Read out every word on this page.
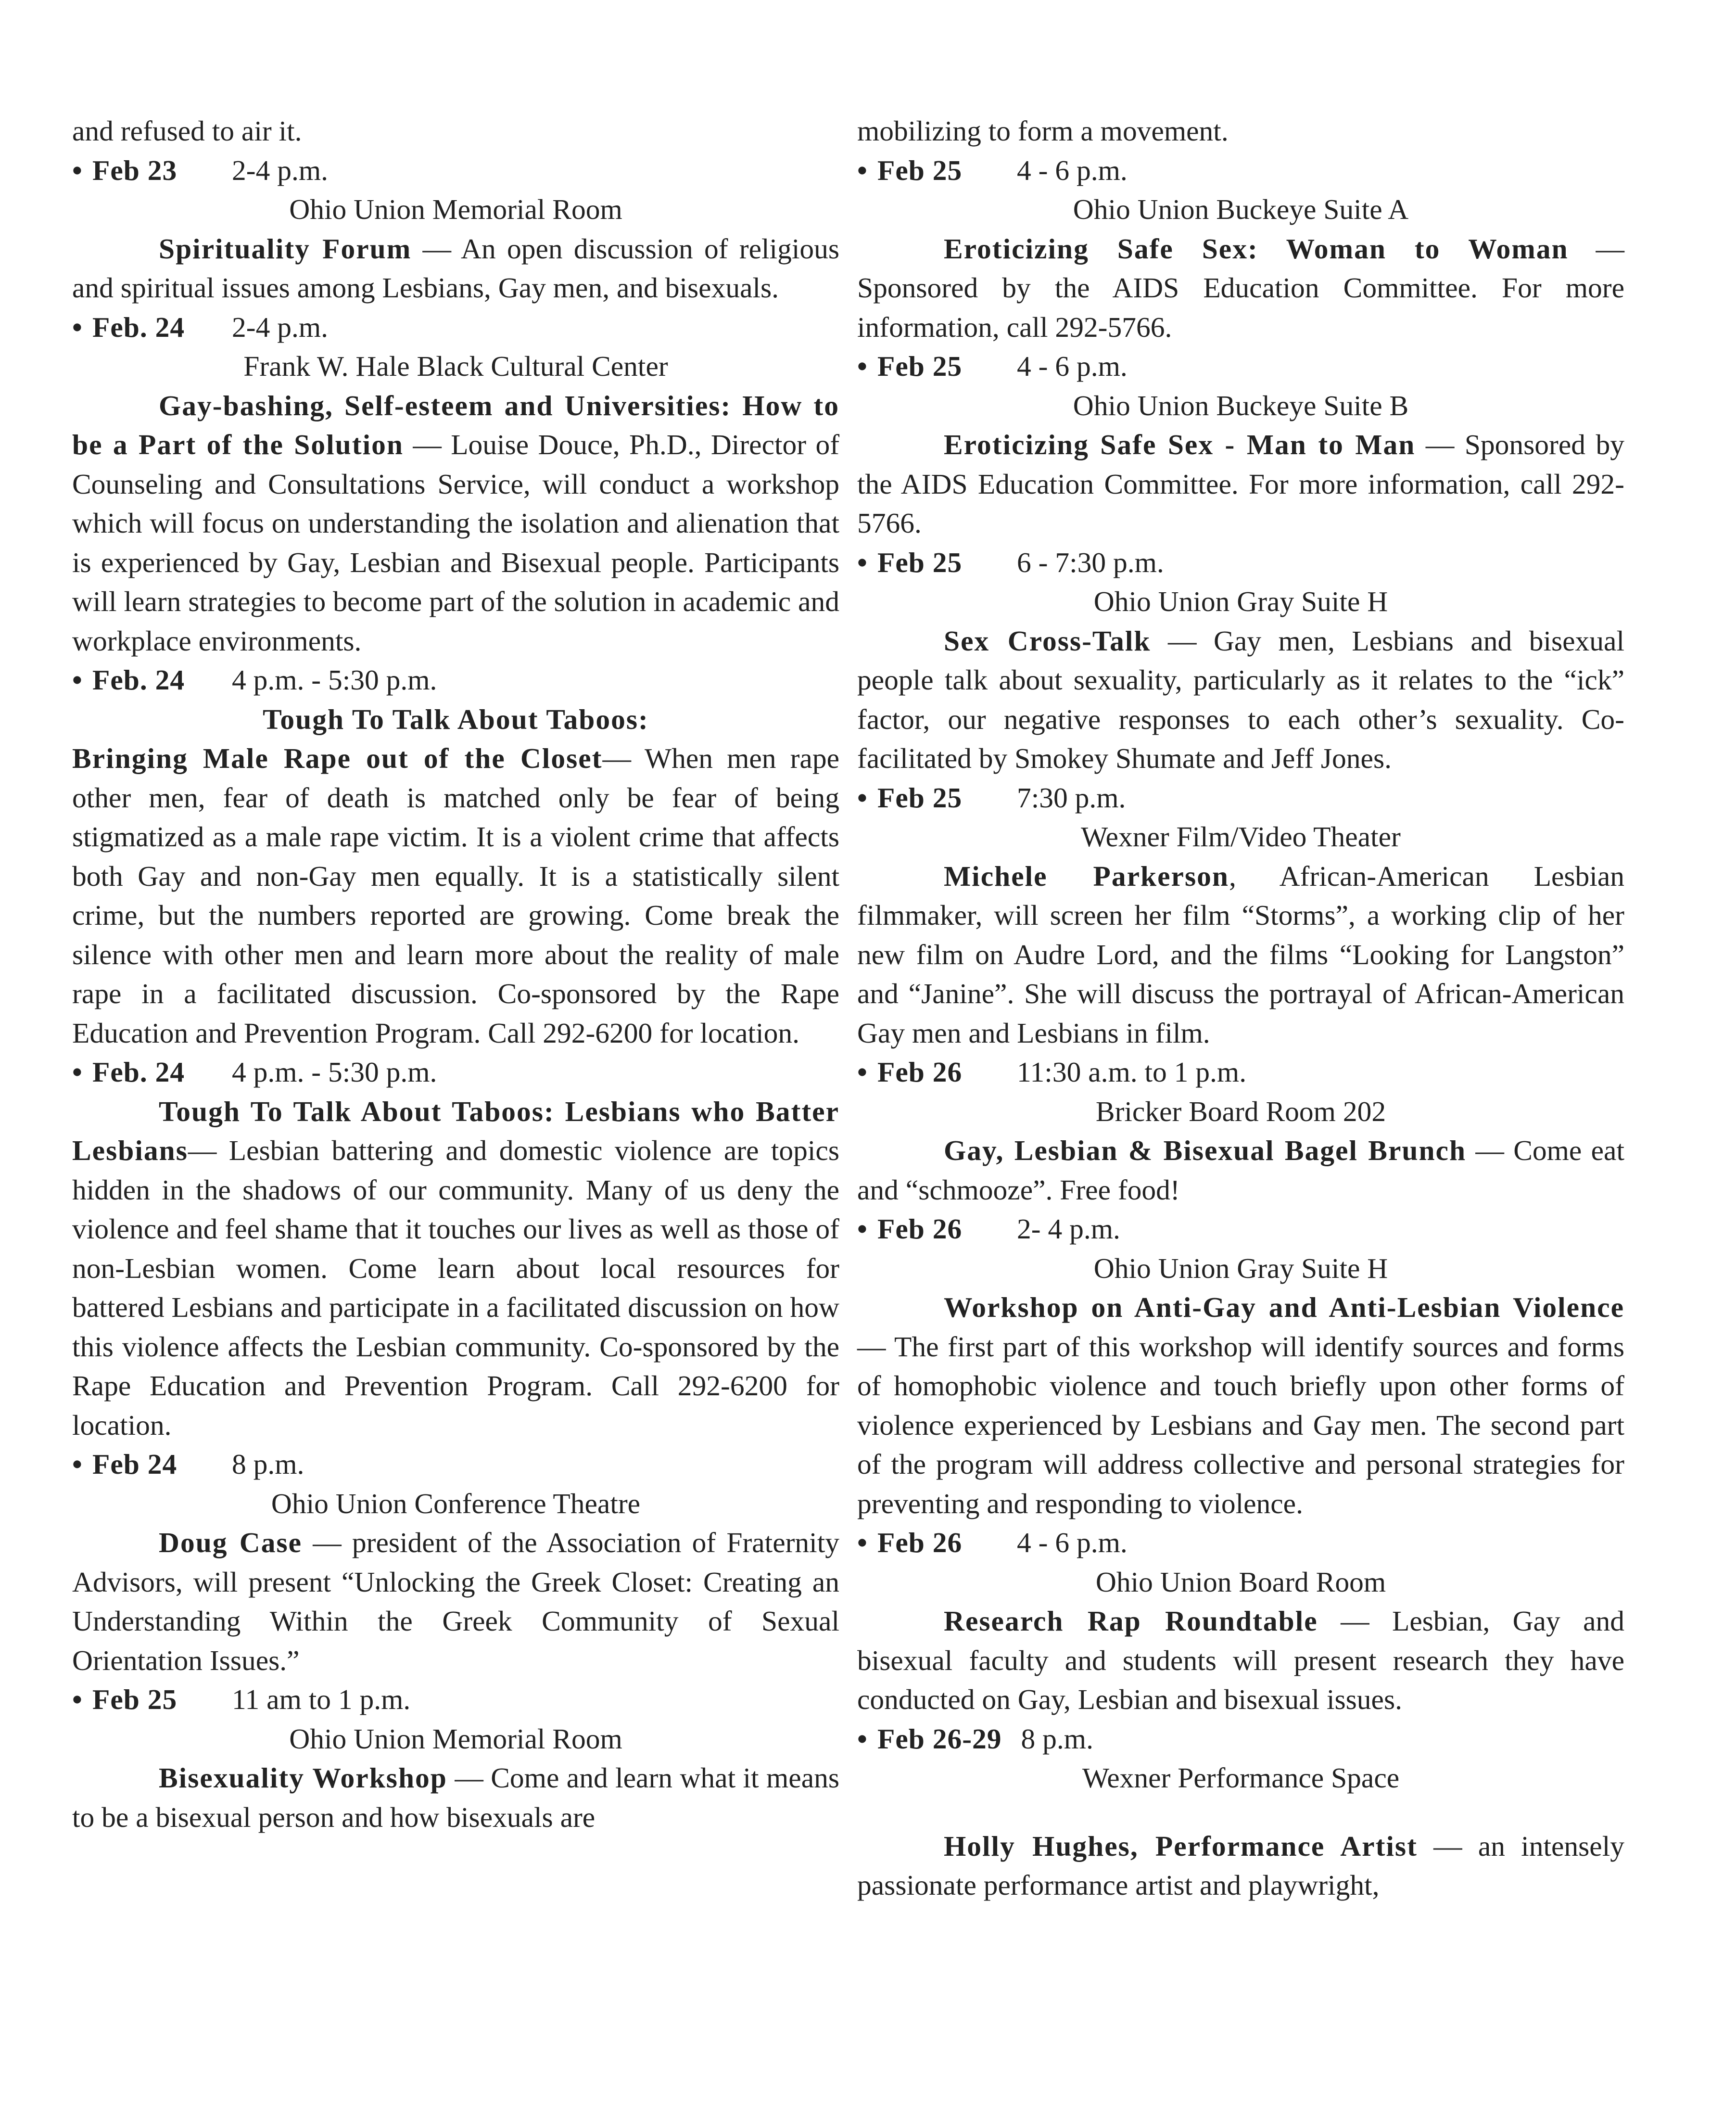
and refused to air it.

• Feb 23	2-4 p.m.
Ohio Union Memorial Room

Spirituality Forum — An open discussion of religious and spiritual issues among Lesbians, Gay men, and bisexuals.

• Feb. 24	2-4 p.m.
Frank W. Hale Black Cultural Center

Gay-bashing, Self-esteem and Universities: How to be a Part of the Solution — Louise Douce, Ph.D., Director of Counseling and Consultations Service, will conduct a workshop which will focus on understanding the isolation and alienation that is experienced by Gay, Lesbian and Bisexual people. Participants will learn strategies to become part of the solution in academic and workplace environments.

• Feb. 24	4 p.m. - 5:30 p.m.
Tough To Talk About Taboos:

Bringing Male Rape out of the Closet— When men rape other men, fear of death is matched only be fear of being stigmatized as a male rape victim. It is a violent crime that affects both Gay and non-Gay men equally. It is a statistically silent crime, but the numbers reported are growing. Come break the silence with other men and learn more about the reality of male rape in a facilitated discussion. Co-sponsored by the Rape Education and Prevention Program. Call 292-6200 for location.

• Feb. 24	4 p.m. - 5:30 p.m.

Tough To Talk About Taboos: Lesbians who Batter Lesbians— Lesbian battering and domestic violence are topics hidden in the shadows of our community. Many of us deny the violence and feel shame that it touches our lives as well as those of non-Lesbian women. Come learn about local resources for battered Lesbians and participate in a facilitated discussion on how this violence affects the Lesbian community. Co-sponsored by the Rape Education and Prevention Program. Call 292-6200 for location.

• Feb 24	8 p.m.
Ohio Union Conference Theatre

Doug Case — president of the Association of Fraternity Advisors, will present “Unlocking the Greek Closet: Creating an Understanding Within the Greek Community of Sexual Orientation Issues.”

• Feb 25	11 am to 1 p.m.
Ohio Union Memorial Room

Bisexuality Workshop — Come and learn what it means to be a bisexual person and how bisexuals are

mobilizing to form a movement.

• Feb 25	4 - 6 p.m.
Ohio Union Buckeye Suite A

Eroticizing Safe Sex: Woman to Woman — Sponsored by the AIDS Education Committee. For more information, call 292-5766.

• Feb 25	4 - 6 p.m.
Ohio Union Buckeye Suite B

Eroticizing Safe Sex - Man to Man — Sponsored by the AIDS Education Committee. For more information, call 292-5766.

• Feb 25	6 - 7:30 p.m.
Ohio Union Gray Suite H

Sex Cross-Talk — Gay men, Lesbians and bisexual people talk about sexuality, particularly as it relates to the “ick” factor, our negative responses to each other’s sexuality. Co-facilitated by Smokey Shumate and Jeff Jones.

• Feb 25	7:30 p.m.
Wexner Film/Video Theater

Michele Parkerson, African-American Lesbian filmmaker, will screen her film “Storms”, a working clip of her new film on Audre Lord, and the films “Looking for Langston” and “Janine”. She will discuss the portrayal of African-American Gay men and Lesbians in film.

• Feb 26	11:30 a.m. to 1 p.m.
Bricker Board Room 202

Gay, Lesbian & Bisexual Bagel Brunch — Come eat and “schmooze”. Free food!

• Feb 26	2- 4 p.m.
Ohio Union Gray Suite H

Workshop on Anti-Gay and Anti-Lesbian Violence — The first part of this workshop will identify sources and forms of homophobic violence and touch briefly upon other forms of violence experienced by Lesbians and Gay men. The second part of the program will address collective and personal strategies for preventing and responding to violence.

• Feb 26	4 - 6 p.m.
Ohio Union Board Room

Research Rap Roundtable — Lesbian, Gay and bisexual faculty and students will present research they have conducted on Gay, Lesbian and bisexual issues.

• Feb 26-29 8 p.m.
Wexner Performance Space

Holly Hughes, Performance Artist — an intensely passionate performance artist and playwright,
